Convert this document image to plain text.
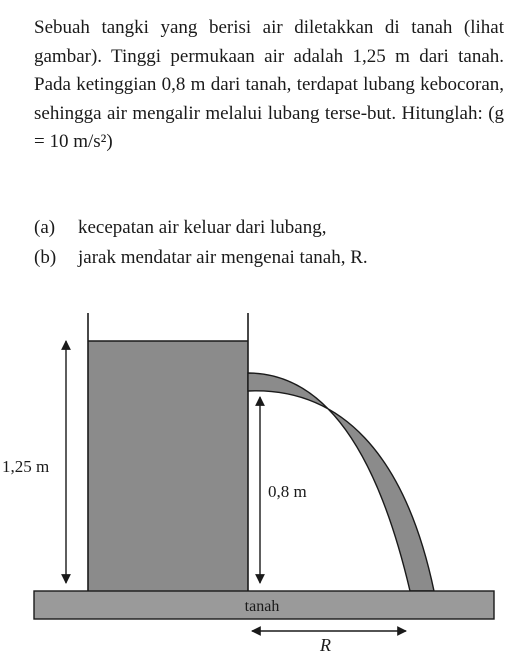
Sebuah tangki yang berisi air diletakkan di tanah (lihat gambar). Tinggi permukaan air adalah 1,25 m dari tanah. Pada ketinggian 0,8 m dari tanah, terdapat lubang kebocoran, sehingga air mengalir melalui lubang terse-but. Hitunglah: (g = 10 m/s²)

(a) kecepatan air keluar dari lubang,
(b) jarak mendatar air mengenai tanah, R.
tanah
1,25 m
0,8 m
R
